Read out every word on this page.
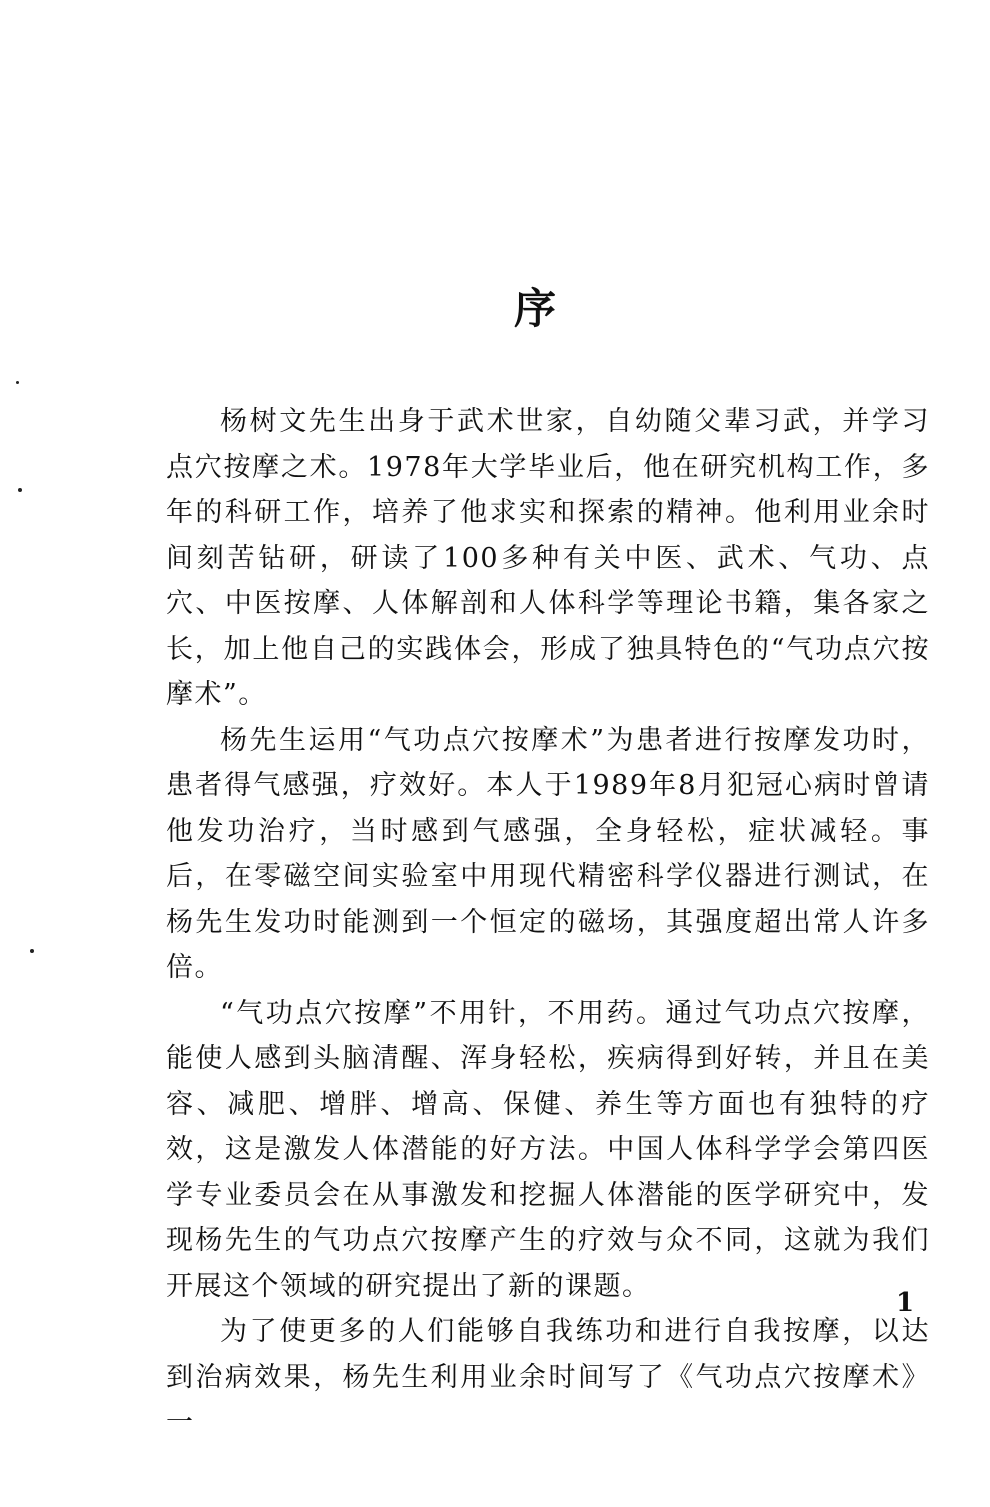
序

杨树文先生出身于武术世家，自幼随父辈习武，并学习点穴按摩之术。1978年大学毕业后，他在研究机构工作，多年的科研工作，培养了他求实和探索的精神。他利用业余时间刻苦钻研，研读了100多种有关中医、武术、气功、点穴、中医按摩、人体解剖和人体科学等理论书籍，集各家之长，加上他自己的实践体会，形成了独具特色的“气功点穴按摩术”。

杨先生运用“气功点穴按摩术”为患者进行按摩发功时，患者得气感强，疗效好。本人于1989年8月犯冠心病时曾请他发功治疗，当时感到气感强，全身轻松，症状减轻。事后，在零磁空间实验室中用现代精密科学仪器进行测试，在杨先生发功时能测到一个恒定的磁场，其强度超出常人许多倍。

“气功点穴按摩”不用针，不用药。通过气功点穴按摩，能使人感到头脑清醒、浑身轻松，疾病得到好转，并且在美容、减肥、增胖、增高、保健、养生等方面也有独特的疗效，这是激发人体潜能的好方法。中国人体科学学会第四医学专业委员会在从事激发和挖掘人体潜能的医学研究中，发现杨先生的气功点穴按摩产生的疗效与众不同，这就为我们开展这个领域的研究提出了新的课题。

为了使更多的人们能够自我练功和进行自我按摩，以达到治病效果，杨先生利用业余时间写了《气功点穴按摩术》一

1
